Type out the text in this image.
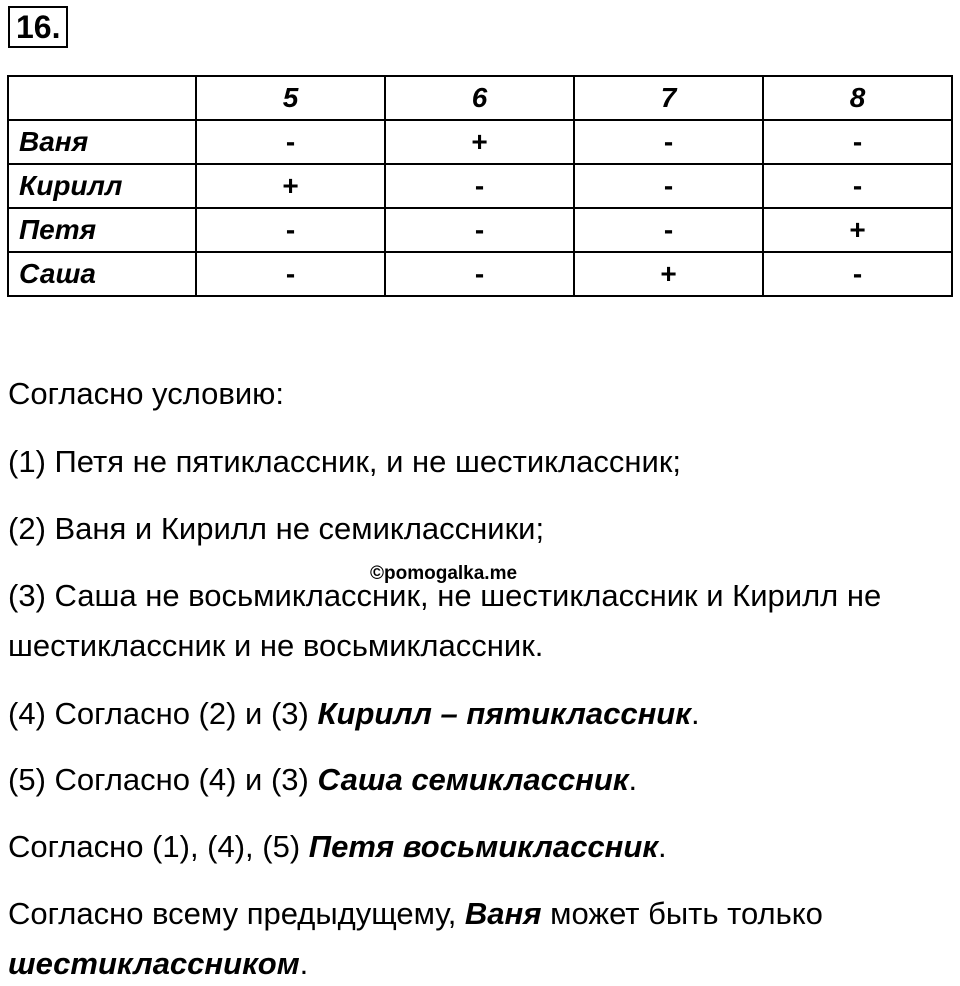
16.
	5	6	7	8
Ваня	-	+	-	-
Кирилл	+	-	-	-
Петя	-	-	-	+
Саша	-	-	+	-
Согласно условию:
(1) Петя не пятиклассник, и не шестиклассник;
(2) Ваня и Кирилл не семиклассники;
(3) Саша не восьмиклассник, не шестиклассник и Кирилл не
шестиклассник и не восьмиклассник.
(4) Согласно (2) и (3) Кирилл – пятиклассник.
(5) Согласно (4) и (3) Саша семиклассник.
Согласно (1), (4), (5) Петя восьмиклассник.
Согласно всему предыдущему, Ваня может быть только
шестиклассником.
©pomogalka.me
